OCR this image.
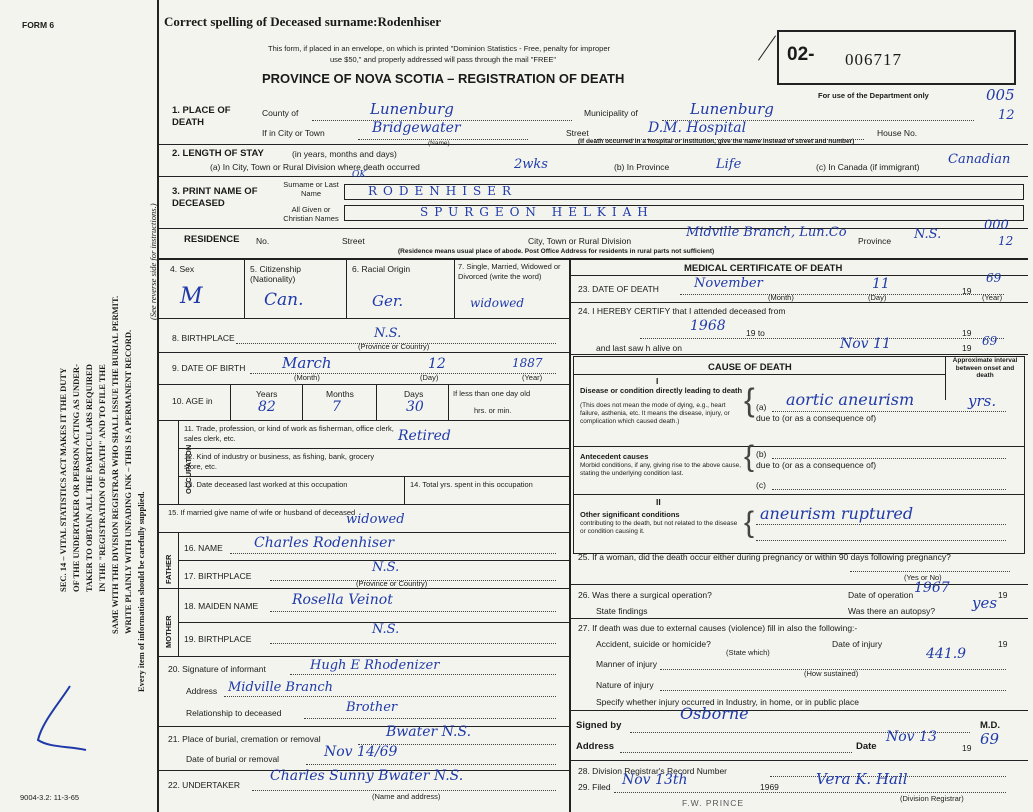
FORM 6	Correct spelling of Deceased surname:Rodenhiser
This form, if placed in an envelope, on which is printed "Dominion Statistics - Free, penalty for improper
use $50," and properly addressed will pass through the mail "FREE"
PROVINCE OF NOVA SCOTIA – REGISTRATION OF DEATH
02- 006717
For use of the Department only	005
12
SEC. 14 – VITAL STATISTICS ACT MAKES IT THE DUTY OF THE UNDERTAKER OR PERSON ACTING AS UNDER- TAKER TO OBTAIN ALL THE PARTICULARS REQUIRED IN THE "REGISTRATION OF DEATH" AND TO FILE THE SAME WITH THE DIVISION REGISTRAR WHO SHALL ISSUE THE BURIAL PERMIT. WRITE PLAINLY WITH UNFADING INK – THIS IS A PERMANENT RECORD. Every item of information should be carefully supplied.
(See reverse side for instructions.)
9004-3.2: 11-3-65
1. PLACE OF DEATH
County of	Lunenburg	Municipality of	Lunenburg
If in City or Town	Bridgewater	Street	D.M. Hospital	House No.
(Name)	(If death occurred in a hospital or institution, give the name instead of street and number)
2. LENGTH OF STAY	(in years, months and days)
(a) In City, Town or Rural Division where death occurred	2wks	(b) In Province	Life	(c) In Canada (if immigrant) Canadian
3. PRINT NAME OF DECEASED
Surname or Last Name
All Given or Christian Names
OK
RODENHISER
SPURGEON HELKIAH
RESIDENCE No.	Street	City, Town or Rural Division
Midville Branch, Lun.Co
Province N.S.
000
12
(Residence means usual place of abode. Post Office Address for residents in rural parts not sufficient)
4. Sex
M
5. Citizenship (Nationality)
Can.
6. Racial Origin
Ger.
7. Single, Married, Widowed or Divorced (write the word)
widowed
8. BIRTHPLACE	N.S.
(Province or Country)
9. DATE OF BIRTH March	12	1887
(Month)	(Day)	(Year)
10. AGE in
Years
82
Months
7
Days
30
If less than one day old
hrs. or min.
OCCUPATION
11. Trade, profession, or kind of work as fisherman, office clerk, sales clerk, etc.	Retired
12. Kind of industry or business, as fishing, bank, grocery store, etc.
13. Date deceased last worked at this occupation	14. Total yrs. spent in this occupation
15. If married give name of wife or husband of deceased
widowed
FATHER
16. NAME Charles Rodenhiser
17. BIRTHPLACE
N.S.
(Province or Country)
MOTHER
18. MAIDEN NAME Rosella Veinot
19. BIRTHPLACE
N.S.
20. Signature of informant	Hugh E Rhodenizer
Address Midville Branch
Relationship to deceased	Brother
21. Place of burial, cremation or removal	Bwater N.S.
Date of burial or removal	Nov 14/69
22. UNDERTAKER
Charles Sunny Bwater N.S.
(Name and address)
MEDICAL CERTIFICATE OF DEATH
23. DATE OF DEATH	November	11	19
69
(Month)	(Day)	(Year)
24. I HEREBY CERTIFY that I attended deceased from
1968 19 to	19
and last saw h alive on	Nov 11	19 69
CAUSE OF DEATH
Approximate interval between onset and death
I
Disease or condition directly leading to death
(This does not mean the mode of dying, e.g., heart failure, asthenia, etc. It means the disease, injury, or complication which caused death.)
{ (a) aortic aneurism	yrs.
due to (or as a consequence of)
(b)
Antecedent causes
Morbid conditions, if any, giving rise to the above cause, stating the underlying condition last.
{ due to (or as a consequence of)
(c)
II
Other significant conditions
contributing to the death, but not related to the disease or condition causing it.	{ aneurism ruptured
25. If a woman, did the death occur either during pregnancy or within 90 days following pregnancy?
(Yes or No)
26. Was there a surgical operation?	Date of operation 1967	19
State findings	Was there an autopsy? yes
27. If death was due to external causes (violence) fill in also the following:-
Accident, suicide or homicide?	Date of injury	19
(State which)	441.9
Manner of injury
(How sustained)
Nature of injury
Specify whether injury occurred in Industry, in home, or in public place
Signed by
Osborne
M.D.
Address	Date
Nov 13
19 69
28. Division Registrar's Record Number
29. Filed Nov 13th	1969 Vera K. Hall
(Division Registrar)
F.W. PRINCE
